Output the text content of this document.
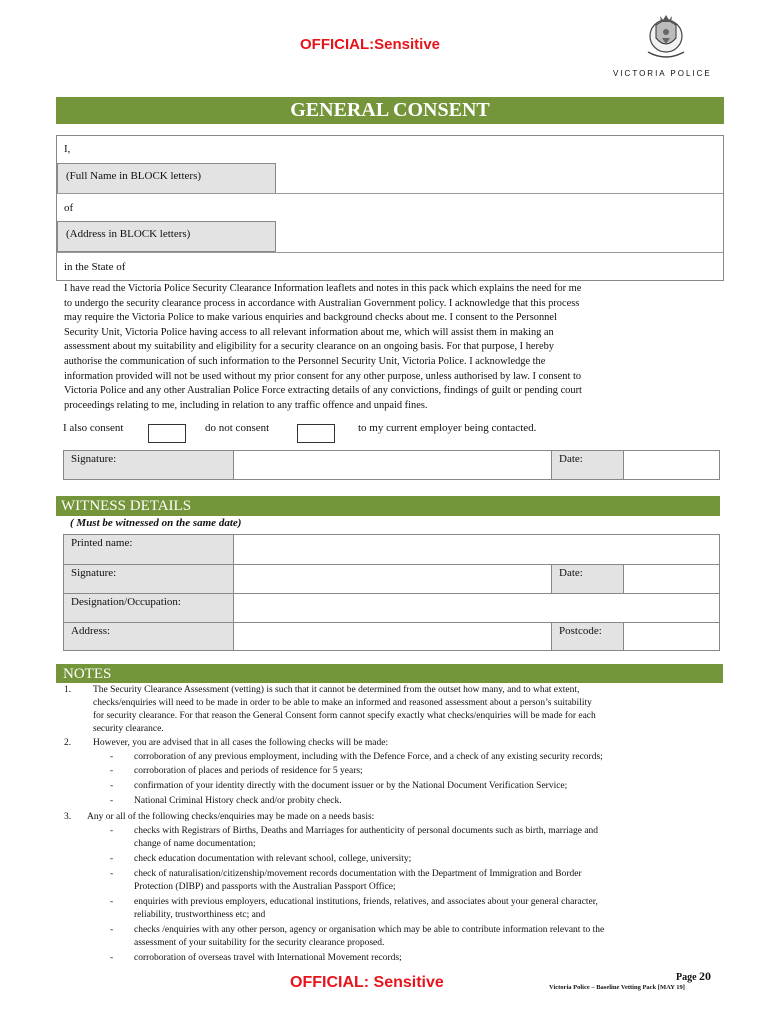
OFFICIAL:Sensitive
VICTORIA POLICE
GENERAL CONSENT
I,
(Full Name in BLOCK letters)
of
(Address in BLOCK letters)
in the State of
I have read the Victoria Police Security Clearance Information leaflets and notes in this pack which explains the need for me
to undergo the security clearance process in accordance with Australian Government policy. I acknowledge that this process
may require the Victoria Police to make various enquiries and background checks about me. I consent to the Personnel
Security Unit, Victoria Police having access to all relevant information about me, which will assist them in making an
assessment about my suitability and eligibility for a security clearance on an ongoing basis. For that purpose, I hereby
authorise the communication of such information to the Personnel Security Unit, Victoria Police. I acknowledge the
information provided will not be used without my prior consent for any other purpose, unless authorised by law. I consent to
Victoria Police and any other Australian Police Force extracting details of any convictions, findings of guilt or pending court
proceedings relating to me, including in relation to any traffic offence and unpaid fines.
I also consent	do not consent	to my current employer being contacted.
Signature:	Date:
WITNESS DETAILS
( Must be witnessed on the same date)
Printed name:
Signature:	Date:
Designation/Occupation:
Address:	Postcode:
NOTES
1. The Security Clearance Assessment (vetting) is such that it cannot be determined from the outset how many, and to what extent,
checks/enquiries will need to be made in order to be able to make an informed and reasoned assessment about a person’s suitability
for security clearance. For that reason the General Consent form cannot specify exactly what checks/enquiries will be made for each
security clearance.
2. However, you are advised that in all cases the following checks will be made:
- corroboration of any previous employment, including with the Defence Force, and a check of any existing security records;
- corroboration of places and periods of residence for 5 years;
- confirmation of your identity directly with the document issuer or by the National Document Verification Service;
- National Criminal History check and/or probity check.
3. Any or all of the following checks/enquiries may be made on a needs basis:
- checks with Registrars of Births, Deaths and Marriages for authenticity of personal documents such as birth, marriage and
change of name documentation;
- check education documentation with relevant school, college, university;
- check of naturalisation/citizenship/movement records documentation with the Department of Immigration and Border
Protection (DIBP) and passports with the Australian Passport Office;
- enquiries with previous employers, educational institutions, friends, relatives, and associates about your general character,
reliability, trustworthiness etc; and
- checks /enquiries with any other person, agency or organisation which may be able to contribute information relevant to the
assessment of your suitability for the security clearance proposed.
- corroboration of overseas travel with International Movement records;
OFFICIAL: Sensitive	Page 20
Victoria Police – Baseline Vetting Pack [MAY 19]
